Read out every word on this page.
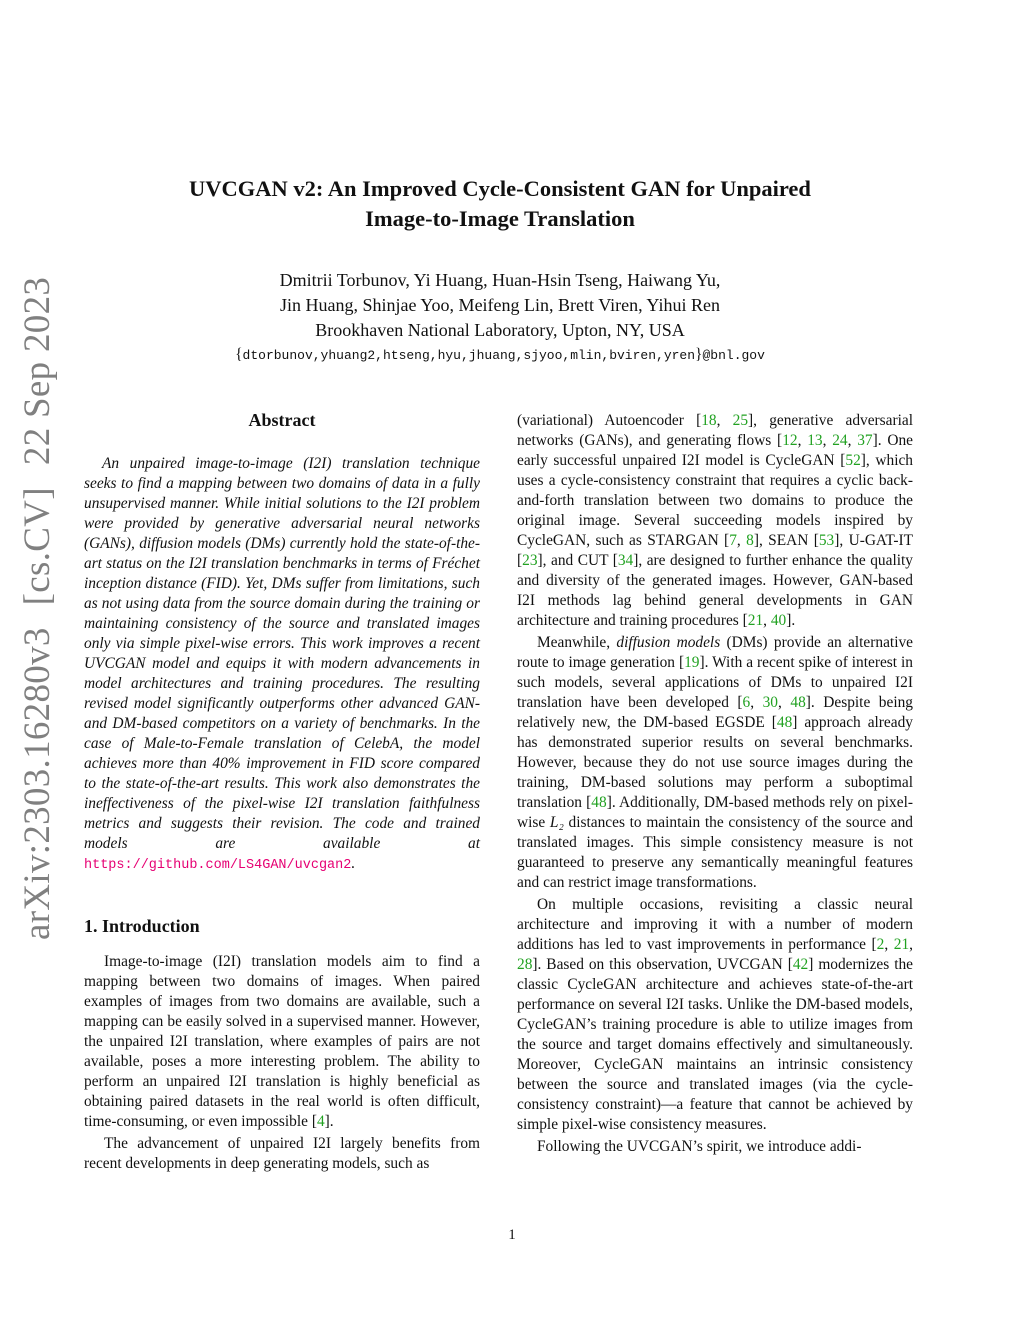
arXiv:2303.16280v3[cs.CV]22 Sep 2023
UVCGAN v2: An Improved Cycle-Consistent GAN for Unpaired
Image-to-Image Translation
Dmitrii Torbunov, Yi Huang, Huan-Hsin Tseng, Haiwang Yu,
Jin Huang, Shinjae Yoo, Meifeng Lin, Brett Viren, Yihui Ren
Brookhaven National Laboratory, Upton, NY, USA
{dtorbunov,yhuang2,htseng,hyu,jhuang,sjyoo,mlin,bviren,yren}@bnl.gov
Abstract

An unpaired image-to-image (I2I) translation technique seeks to find a mapping between two domains of data in a fully unsupervised manner. While initial solutions to the I2I problem were provided by generative adversarial neural networks (GANs), diffusion models (DMs) currently hold the state-of-the-art status on the I2I translation benchmarks in terms of Fréchet inception distance (FID). Yet, DMs suffer from limitations, such as not using data from the source domain during the training or maintaining consistency of the source and translated images only via simple pixel-wise errors. This work improves a recent UVCGAN model and equips it with modern advancements in model architectures and training procedures. The resulting revised model significantly outperforms other advanced GAN- and DM-based competitors on a variety of benchmarks. In the case of Male-to-Female translation of CelebA, the model achieves more than 40% improvement in FID score compared to the state-of-the-art results. This work also demonstrates the ineffectiveness of the pixel-wise I2I translation faithfulness metrics and suggests their revision. The code and trained models are available at https://github.com/LS4GAN/uvcgan2.

1. Introduction

Image-to-image (I2I) translation models aim to find a mapping between two domains of images. When paired examples of images from two domains are available, such a mapping can be easily solved in a supervised manner. However, the unpaired I2I translation, where examples of pairs are not available, poses a more interesting problem. The ability to perform an unpaired I2I translation is highly beneficial as obtaining paired datasets in the real world is often difficult, time-consuming, or even impossible [4].

The advancement of unpaired I2I largely benefits from recent developments in deep generating models, such as

(variational) Autoencoder [18, 25], generative adversarial networks (GANs), and generating flows [12, 13, 24, 37]. One early successful unpaired I2I model is CycleGAN [52], which uses a cycle-consistency constraint that requires a cyclic back-and-forth translation between two domains to produce the original image. Several succeeding models inspired by CycleGAN, such as STARGAN [7, 8], SEAN [53], U-GAT-IT [23], and CUT [34], are designed to further enhance the quality and diversity of the generated images. However, GAN-based I2I methods lag behind general developments in GAN architecture and training procedures [21, 40].

Meanwhile, diffusion models (DMs) provide an alternative route to image generation [19]. With a recent spike of interest in such models, several applications of DMs to unpaired I2I translation have been developed [6, 30, 48]. Despite being relatively new, the DM-based EGSDE [48] approach already has demonstrated superior results on several benchmarks. However, because they do not use source images during the training, DM-based solutions may perform a suboptimal translation [48]. Additionally, DM-based methods rely on pixel-wise L₂ distances to maintain the consistency of the source and translated images. This simple consistency measure is not guaranteed to preserve any semantically meaningful features and can restrict image transformations.

On multiple occasions, revisiting a classic neural architecture and improving it with a number of modern additions has led to vast improvements in performance [2, 21, 28]. Based on this observation, UVCGAN [42] modernizes the classic CycleGAN architecture and achieves state-of-the-art performance on several I2I tasks. Unlike the DM-based models, CycleGAN’s training procedure is able to utilize images from the source and target domains effectively and simultaneously. Moreover, CycleGAN maintains an intrinsic consistency between the source and translated images (via the cycle-consistency constraint)—a feature that cannot be achieved by simple pixel-wise consistency measures.

Following the UVCGAN’s spirit, we introduce addi-

1
